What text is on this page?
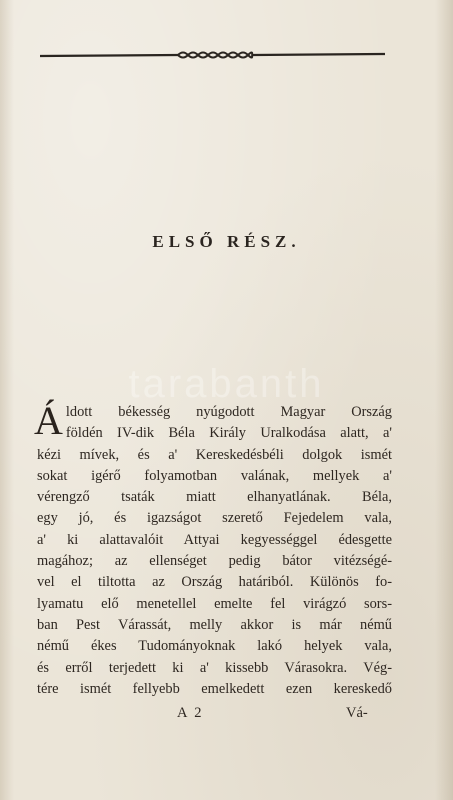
ELSŐ RÉSZ.
tarabanth
Á ldott békesség nyúgodott Magyar Ország
földén IV-dik Béla Király Uralkodása alatt, a'
kézi mívek, és a' Kereskedésbéli dolgok ismét
sokat igérő folyamotban valának, mellyek a'
vérengző tsaták miatt elhanyatlának. Béla,
egy jó, és igazságot szerető Fejedelem vala,
a' ki alattavalóit Attyai kegyességgel édesgette
magához; az ellenséget pedig bátor vitézségé-
vel el tiltotta az Ország határiból. Különös fo-
lyamatu elő menetellel emelte fel virágzó sors-
ban Pest Várassát, melly akkor is már némű
némű ékes Tudományoknak lakó helyek vala,
és erről terjedett ki a' kissebb Várasokra. Vég-
tére ismét fellyebb emelkedett ezen kereskedő
A 2	Vá-
